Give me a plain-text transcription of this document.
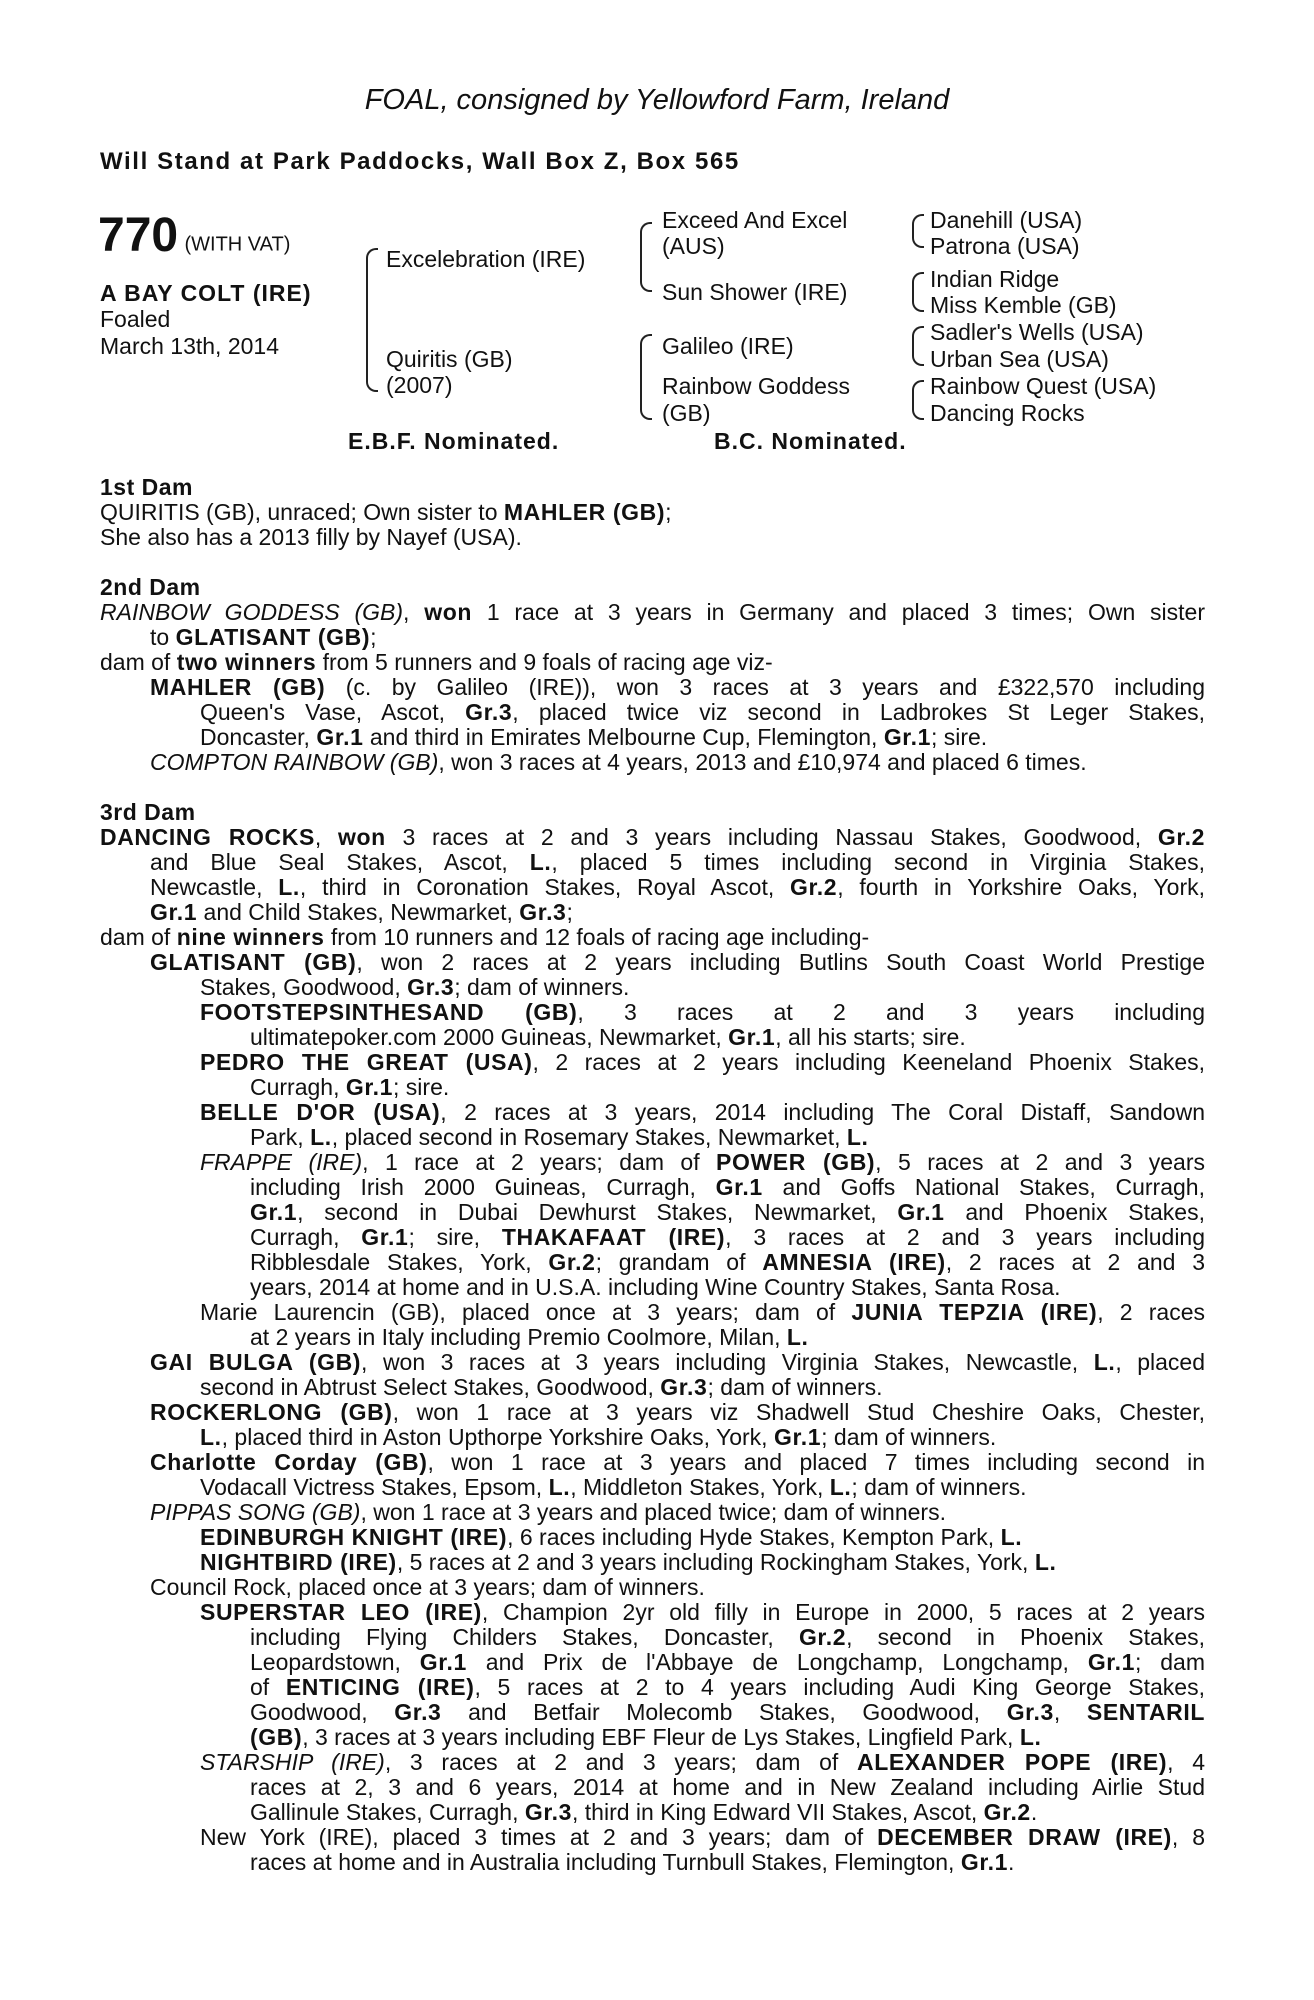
FOAL, consigned by Yellowford Farm, Ireland
Will Stand at Park Paddocks, Wall Box Z, Box 565
770 (WITH VAT)
A BAY COLT (IRE)
Foaled
March 13th, 2014
Excelebration (IRE)
Quiritis (GB)
(2007)
Exceed And Excel
(AUS)
Sun Shower (IRE)
Galileo (IRE)
Rainbow Goddess
(GB)
Danehill (USA)
Patrona (USA)
Indian Ridge
Miss Kemble (GB)
Sadler's Wells (USA)
Urban Sea (USA)
Rainbow Quest (USA)
Dancing Rocks
E.B.F. Nominated.	B.C. Nominated.
1st Dam
QUIRITIS (GB), unraced; Own sister to MAHLER (GB);
She also has a 2013 filly by Nayef (USA).
2nd Dam
RAINBOW GODDESS (GB), won 1 race at 3 years in Germany and placed 3 times; Own sister
to GLATISANT (GB);
dam of two winners from 5 runners and 9 foals of racing age viz-
MAHLER (GB) (c. by Galileo (IRE)), won 3 races at 3 years and £322,570 including
Queen's Vase, Ascot, Gr.3, placed twice viz second in Ladbrokes St Leger Stakes,
Doncaster, Gr.1 and third in Emirates Melbourne Cup, Flemington, Gr.1; sire.
COMPTON RAINBOW (GB), won 3 races at 4 years, 2013 and £10,974 and placed 6 times.
3rd Dam
DANCING ROCKS, won 3 races at 2 and 3 years including Nassau Stakes, Goodwood, Gr.2
and Blue Seal Stakes, Ascot, L., placed 5 times including second in Virginia Stakes,
Newcastle, L., third in Coronation Stakes, Royal Ascot, Gr.2, fourth in Yorkshire Oaks, York,
Gr.1 and Child Stakes, Newmarket, Gr.3;
dam of nine winners from 10 runners and 12 foals of racing age including-
GLATISANT (GB), won 2 races at 2 years including Butlins South Coast World Prestige
Stakes, Goodwood, Gr.3; dam of winners.
FOOTSTEPSINTHESAND (GB), 3 races at 2 and 3 years including
ultimatepoker.com 2000 Guineas, Newmarket, Gr.1, all his starts; sire.
PEDRO THE GREAT (USA), 2 races at 2 years including Keeneland Phoenix Stakes,
Curragh, Gr.1; sire.
BELLE D'OR (USA), 2 races at 3 years, 2014 including The Coral Distaff, Sandown
Park, L., placed second in Rosemary Stakes, Newmarket, L.
FRAPPE (IRE), 1 race at 2 years; dam of POWER (GB), 5 races at 2 and 3 years
including Irish 2000 Guineas, Curragh, Gr.1 and Goffs National Stakes, Curragh,
Gr.1, second in Dubai Dewhurst Stakes, Newmarket, Gr.1 and Phoenix Stakes,
Curragh, Gr.1; sire, THAKAFAAT (IRE), 3 races at 2 and 3 years including
Ribblesdale Stakes, York, Gr.2; grandam of AMNESIA (IRE), 2 races at 2 and 3
years, 2014 at home and in U.S.A. including Wine Country Stakes, Santa Rosa.
Marie Laurencin (GB), placed once at 3 years; dam of JUNIA TEPZIA (IRE), 2 races
at 2 years in Italy including Premio Coolmore, Milan, L.
GAI BULGA (GB), won 3 races at 3 years including Virginia Stakes, Newcastle, L., placed
second in Abtrust Select Stakes, Goodwood, Gr.3; dam of winners.
ROCKERLONG (GB), won 1 race at 3 years viz Shadwell Stud Cheshire Oaks, Chester,
L., placed third in Aston Upthorpe Yorkshire Oaks, York, Gr.1; dam of winners.
Charlotte Corday (GB), won 1 race at 3 years and placed 7 times including second in
Vodacall Victress Stakes, Epsom, L., Middleton Stakes, York, L.; dam of winners.
PIPPAS SONG (GB), won 1 race at 3 years and placed twice; dam of winners.
EDINBURGH KNIGHT (IRE), 6 races including Hyde Stakes, Kempton Park, L.
NIGHTBIRD (IRE), 5 races at 2 and 3 years including Rockingham Stakes, York, L.
Council Rock, placed once at 3 years; dam of winners.
SUPERSTAR LEO (IRE), Champion 2yr old filly in Europe in 2000, 5 races at 2 years
including Flying Childers Stakes, Doncaster, Gr.2, second in Phoenix Stakes,
Leopardstown, Gr.1 and Prix de l'Abbaye de Longchamp, Longchamp, Gr.1; dam
of ENTICING (IRE), 5 races at 2 to 4 years including Audi King George Stakes,
Goodwood, Gr.3 and Betfair Molecomb Stakes, Goodwood, Gr.3, SENTARIL
(GB), 3 races at 3 years including EBF Fleur de Lys Stakes, Lingfield Park, L.
STARSHIP (IRE), 3 races at 2 and 3 years; dam of ALEXANDER POPE (IRE), 4
races at 2, 3 and 6 years, 2014 at home and in New Zealand including Airlie Stud
Gallinule Stakes, Curragh, Gr.3, third in King Edward VII Stakes, Ascot, Gr.2.
New York (IRE), placed 3 times at 2 and 3 years; dam of DECEMBER DRAW (IRE), 8
races at home and in Australia including Turnbull Stakes, Flemington, Gr.1.
